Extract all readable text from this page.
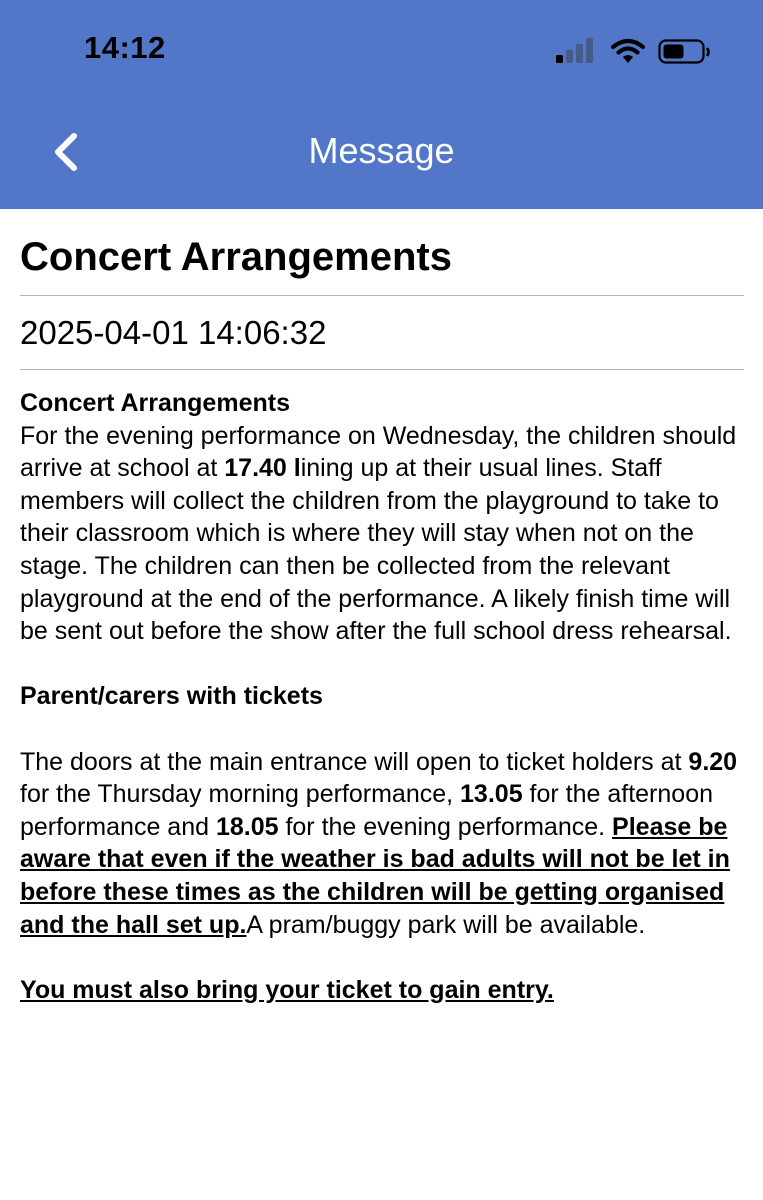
14:12
Message
Concert Arrangements
2025-04-01 14:06:32

Concert Arrangements
For the evening performance on Wednesday, the children should arrive at school at 17.40 lining up at their usual lines. Staff members will collect the children from the playground to take to their classroom which is where they will stay when not on the stage. The children can then be collected from the relevant playground at the end of the performance. A likely finish time will be sent out before the show after the full school dress rehearsal.

Parent/carers with tickets

The doors at the main entrance will open to ticket holders at 9.20 for the Thursday morning performance, 13.05 for the afternoon performance and 18.05 for the evening performance. Please be aware that even if the weather is bad adults will not be let in before these times as the children will be getting organised and the hall set up.A pram/buggy park will be available.

You must also bring your ticket to gain entry.
